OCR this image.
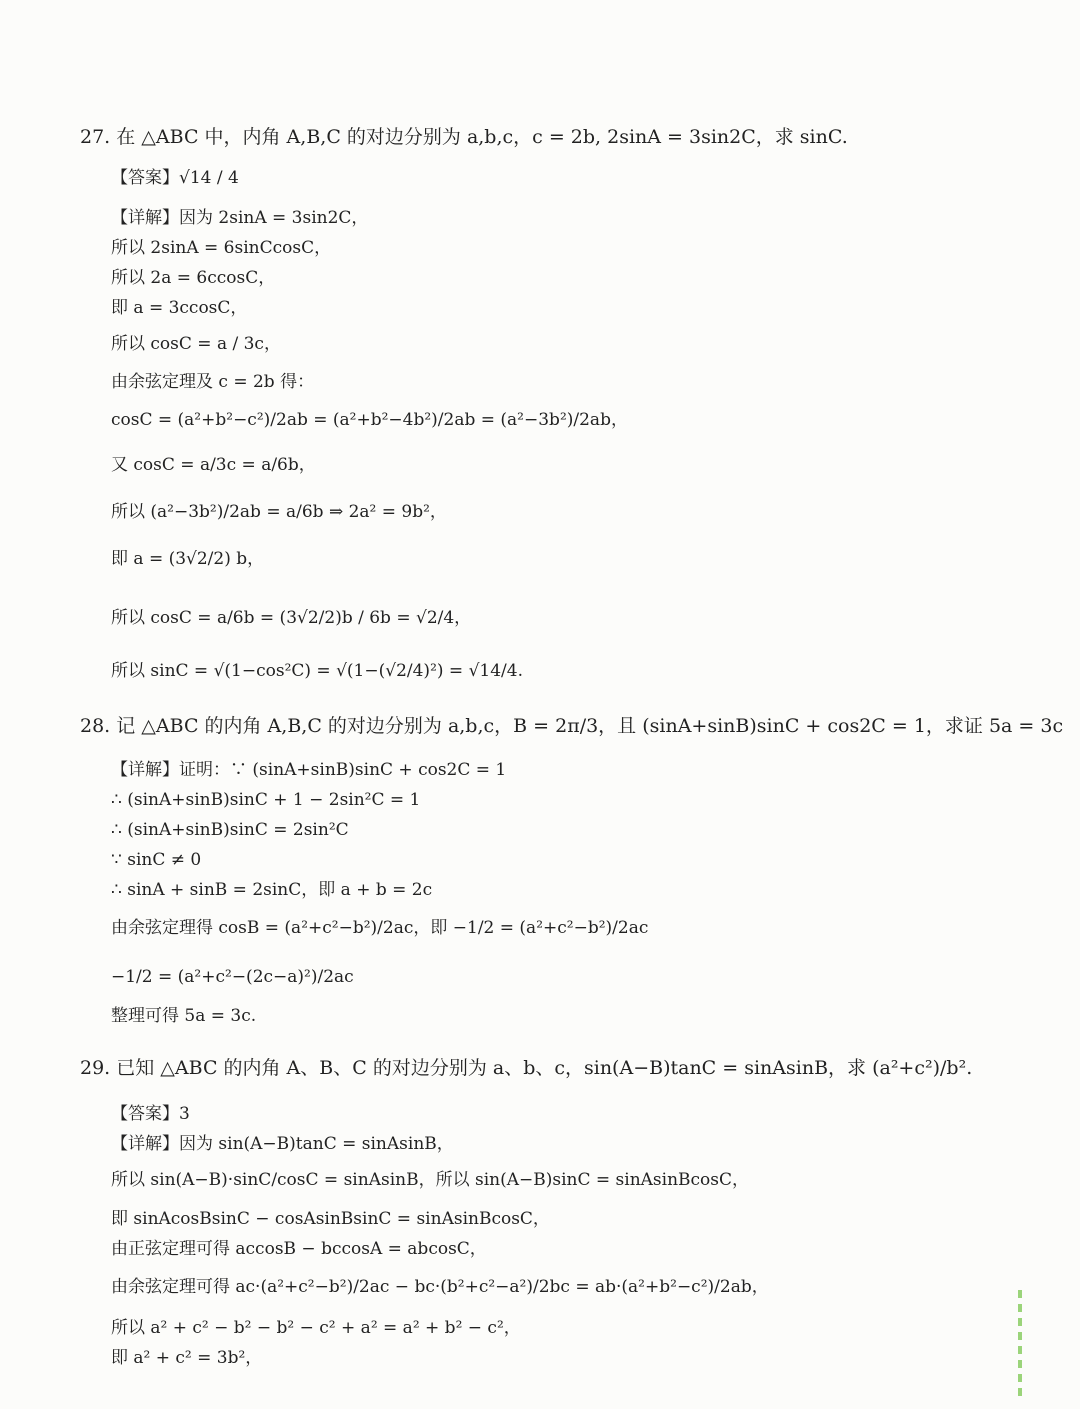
27. 在 △ABC 中，内角 A,B,C 的对边分别为 a,b,c，c = 2b, 2sinA = 3sin2C，求 sinC.
【答案】√14 / 4
【详解】因为 2sinA = 3sin2C，
所以 2sinA = 6sinCcosC，
所以 2a = 6ccosC，
即 a = 3ccosC，
所以 cosC = a / 3c，
由余弦定理及 c = 2b 得：
cosC = (a²+b²−c²)/2ab = (a²+b²−4b²)/2ab = (a²−3b²)/2ab，
又 cosC = a/3c = a/6b，
所以 (a²−3b²)/2ab = a/6b ⇒ 2a² = 9b²，
即 a = (3√2/2) b，
所以 cosC = a/6b = (3√2/2)b / 6b = √2/4，
所以 sinC = √(1−cos²C) = √(1−(√2/4)²) = √14/4.
28. 记 △ABC 的内角 A,B,C 的对边分别为 a,b,c，B = 2π/3，且 (sinA+sinB)sinC + cos2C = 1，求证 5a = 3c
【详解】证明：∵ (sinA+sinB)sinC + cos2C = 1
∴ (sinA+sinB)sinC + 1 − 2sin²C = 1
∴ (sinA+sinB)sinC = 2sin²C
∵ sinC ≠ 0
∴ sinA + sinB = 2sinC，即 a + b = 2c
由余弦定理得 cosB = (a²+c²−b²)/2ac，即 −1/2 = (a²+c²−b²)/2ac
−1/2 = (a²+c²−(2c−a)²)/2ac
整理可得 5a = 3c.
29. 已知 △ABC 的内角 A、B、C 的对边分别为 a、b、c，sin(A−B)tanC = sinAsinB，求 (a²+c²)/b².
【答案】3
【详解】因为 sin(A−B)tanC = sinAsinB，
所以 sin(A−B)·sinC/cosC = sinAsinB，所以 sin(A−B)sinC = sinAsinBcosC，
即 sinAcosBsinC − cosAsinBsinC = sinAsinBcosC，
由正弦定理可得 accosB − bccosA = abcosC，
由余弦定理可得 ac·(a²+c²−b²)/2ac − bc·(b²+c²−a²)/2bc = ab·(a²+b²−c²)/2ab，
所以 a² + c² − b² − b² − c² + a² = a² + b² − c²，
即 a² + c² = 3b²，
